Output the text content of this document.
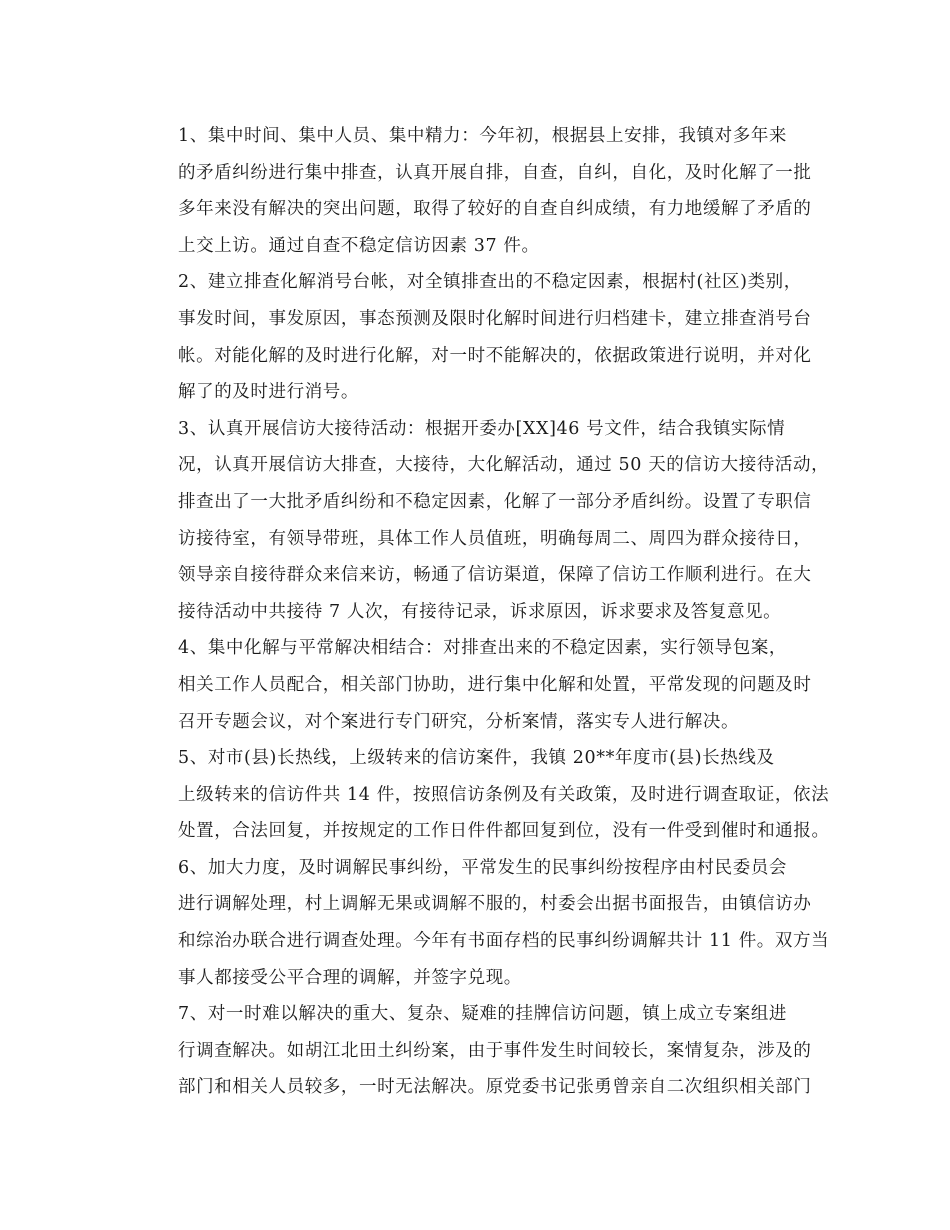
1、集中时间、集中人员、集中精力：今年初，根据县上安排，我镇对多年来
的矛盾纠纷进行集中排查，认真开展自排，自查，自纠，自化，及时化解了一批
多年来没有解决的突出问题，取得了较好的自查自纠成绩，有力地缓解了矛盾的
上交上访。通过自查不稳定信访因素 37 件。

2、建立排查化解消号台帐，对全镇排查出的不稳定因素，根据村(社区)类别，
事发时间，事发原因，事态预测及限时化解时间进行归档建卡，建立排查消号台
帐。对能化解的及时进行化解，对一时不能解决的，依据政策进行说明，并对化
解了的及时进行消号。

3、认真开展信访大接待活动：根据开委办[XX]46 号文件，结合我镇实际情
况，认真开展信访大排查，大接待，大化解活动，通过 50 天的信访大接待活动，
排查出了一大批矛盾纠纷和不稳定因素，化解了一部分矛盾纠纷。设置了专职信
访接待室，有领导带班，具体工作人员值班，明确每周二、周四为群众接待日，
领导亲自接待群众来信来访，畅通了信访渠道，保障了信访工作顺利进行。在大
接待活动中共接待 7 人次，有接待记录，诉求原因，诉求要求及答复意见。

4、集中化解与平常解决相结合：对排查出来的不稳定因素，实行领导包案，
相关工作人员配合，相关部门协助，进行集中化解和处置，平常发现的问题及时
召开专题会议，对个案进行专门研究，分析案情，落实专人进行解决。

5、对市(县)长热线，上级转来的信访案件，我镇 20**年度市(县)长热线及
上级转来的信访件共 14 件，按照信访条例及有关政策，及时进行调查取证，依法
处置，合法回复，并按规定的工作日件件都回复到位，没有一件受到催时和通报。

6、加大力度，及时调解民事纠纷，平常发生的民事纠纷按程序由村民委员会
进行调解处理，村上调解无果或调解不服的，村委会出据书面报告，由镇信访办
和综治办联合进行调查处理。今年有书面存档的民事纠纷调解共计 11 件。双方当
事人都接受公平合理的调解，并签字兑现。

7、对一时难以解决的重大、复杂、疑难的挂牌信访问题，镇上成立专案组进
行调查解决。如胡江北田土纠纷案，由于事件发生时间较长，案情复杂，涉及的
部门和相关人员较多，一时无法解决。原党委书记张勇曾亲自二次组织相关部门
